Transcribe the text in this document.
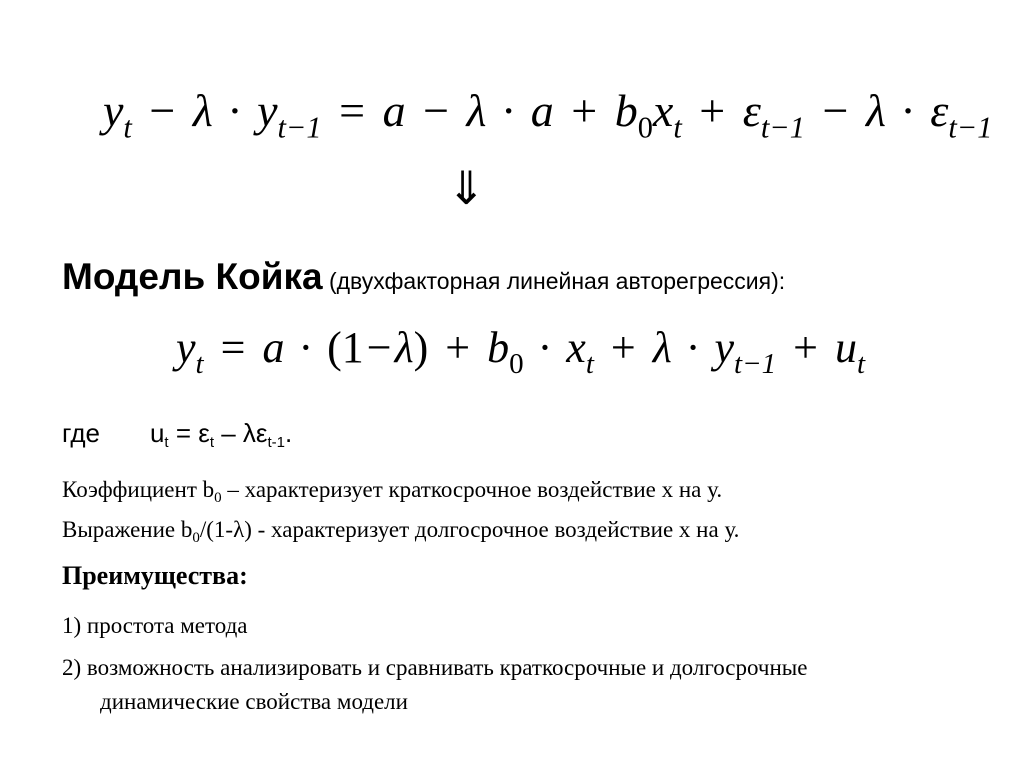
$y_t - \lambda \cdot y_{t-1} = a - \lambda \cdot a + b_0x_t + \varepsilon_{t-1} - \lambda \cdot \varepsilon_{t-1}$
⇓
Модель Койка (двухфакторная линейная авторегрессия):
$y_t = a \cdot (1-\lambda) + b_0 \cdot x_t + \lambda \cdot y_{t-1} + u_t$
где $u_t = \varepsilon_t - \lambda\varepsilon_{t-1}$.
Коэффициент $b_0$ – характеризует краткосрочное воздействие х на у.
Выражение $b_0/(1-\lambda)$ - характеризует долгосрочное воздействие х на у.
Преимущества:
1) простота метода
2) возможность анализировать и сравнивать краткосрочные и долгосрочные
динамические свойства модели
